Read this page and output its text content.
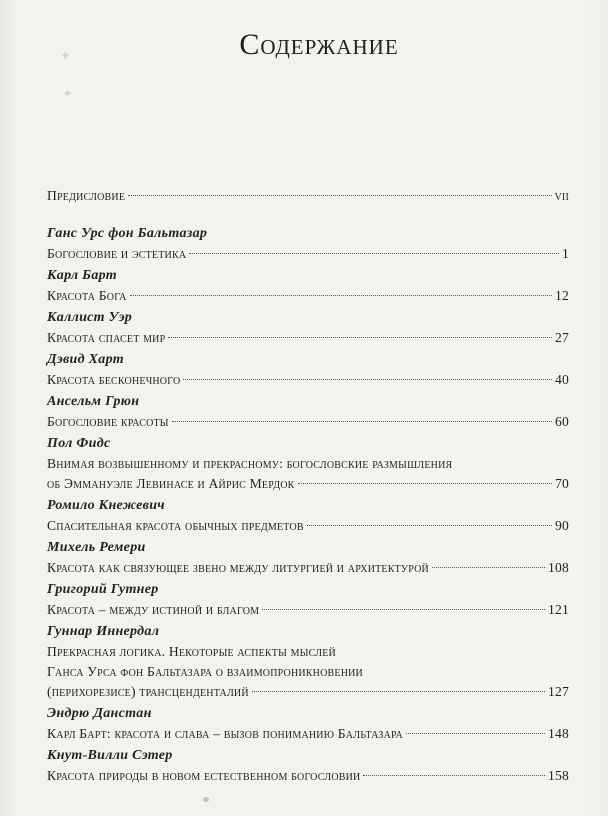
✦
✦
Содержание
Предисловие	vii
Ганс Урс фон Бальтазар
Богословие и эстетика	1
Карл Барт
Красота Бога	12
Каллист Уэр
Красота спасет мир	27
Дэвид Харт
Красота бесконечного	40
Ансельм Грюн
Богословие красоты	60
Пол Фидс
Внимая возвышенному и прекрасному: богословские размышления
об Эммануэле Левинасе и Айрис Мердок	70
Ромило Кнежевич
Спасительная красота обычных предметов	90
Михель Ремери
Красота как связующее звено между литургией и архитектурой	108
Григорий Гутнер
Красота – между истиной и благом	121
Гуннар Иннердал
Прекрасная логика. Некоторые аспекты мыслей
Ганса Урса фон Бальтазара о взаимопроникновении
(перихорезисе) трансценденталий	127
Эндрю Данстан
Карл Барт: красота и слава – вызов пониманию Бальтазара	148
Кнут-Вилли Сэтер
Красота природы в новом естественном богословии	158
